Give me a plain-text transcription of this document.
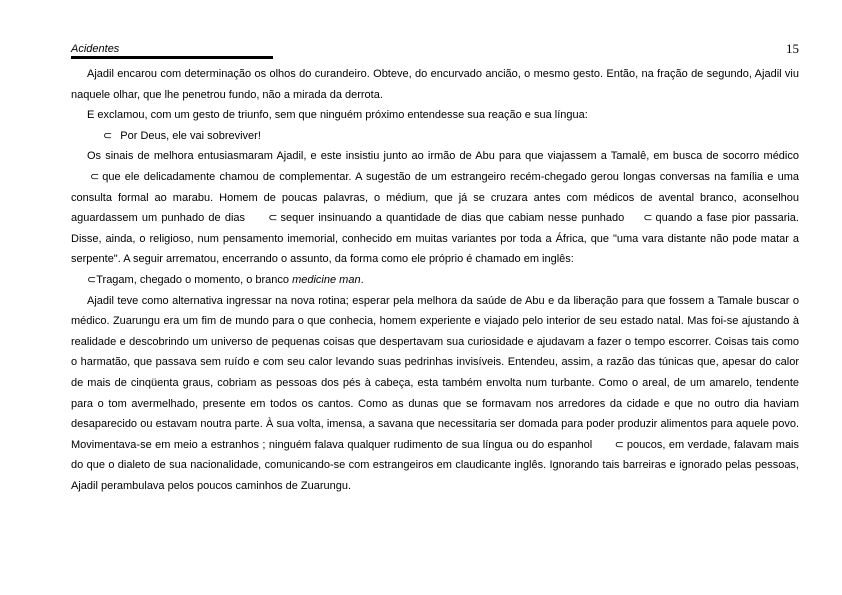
Acidentes	15

Ajadil encarou com determinação os olhos do curandeiro. Obteve, do encurvado ancião, o mesmo gesto. Então, na fração de segundo, Ajadil viu naquele olhar, que lhe penetrou fundo, não a mirada da derrota.

E exclamou, com um gesto de triunfo, sem que ninguém próximo entendesse sua reação e sua língua:

⊂ Por Deus, ele vai sobreviver!

Os sinais de melhora entusiasmaram Ajadil, e este insistiu junto ao irmão de Abu para que viajassem a Tamalê, em busca de socorro médico⊂ que ele delicadamente chamou de complementar. A sugestão de um estrangeiro recém-chegado gerou longas conversas na família e uma consulta formal ao marabu. Homem de poucas palavras, o médium, que já se cruzara antes com médicos de avental branco, aconselhou aguardassem um punhado de dias ⊂ sequer insinuando a quantidade de dias que cabiam nesse punhado ⊂ quando a fase pior passaria. Disse, ainda, o religioso, num pensamento imemorial, conhecido em muitas variantes por toda a África, que "uma vara distante não pode matar a serpente". A seguir arrematou, encerrando o assunto, da forma como ele próprio é chamado em inglês:

⊂Tragam, chegado o momento, o branco medicine man.

Ajadil teve como alternativa ingressar na nova rotina; esperar pela melhora da saúde de Abu e da liberação para que fossem a Tamale buscar o médico. Zuarungu era um fim de mundo para o que conhecia, homem experiente e viajado pelo interior de seu estado natal. Mas foi-se ajustando à realidade e descobrindo um universo de pequenas coisas que despertavam sua curiosidade e ajudavam a fazer o tempo escorrer. Coisas tais como o harmatão, que passava sem ruído e com seu calor levando suas pedrinhas invisíveis. Entendeu, assim, a razão das túnicas que, apesar do calor de mais de cinqüenta graus, cobriam as pessoas dos pés à cabeça, esta também envolta num turbante. Como o areal, de um amarelo, tendente para o tom avermelhado, presente em todos os cantos. Como as dunas que se formavam nos arredores da cidade e que no outro dia haviam desaparecido ou estavam noutra parte. À sua volta, imensa, a savana que necessitaria ser domada para poder produzir alimentos para aquele povo. Movimentava-se em meio a estranhos ; ninguém falava qualquer rudimento de sua língua ou do espanhol ⊂ poucos, em verdade, falavam mais do que o dialeto de sua nacionalidade, comunicando-se com estrangeiros em claudicante inglês. Ignorando tais barreiras e ignorado pelas pessoas, Ajadil perambulava pelos poucos caminhos de Zuarungu.
